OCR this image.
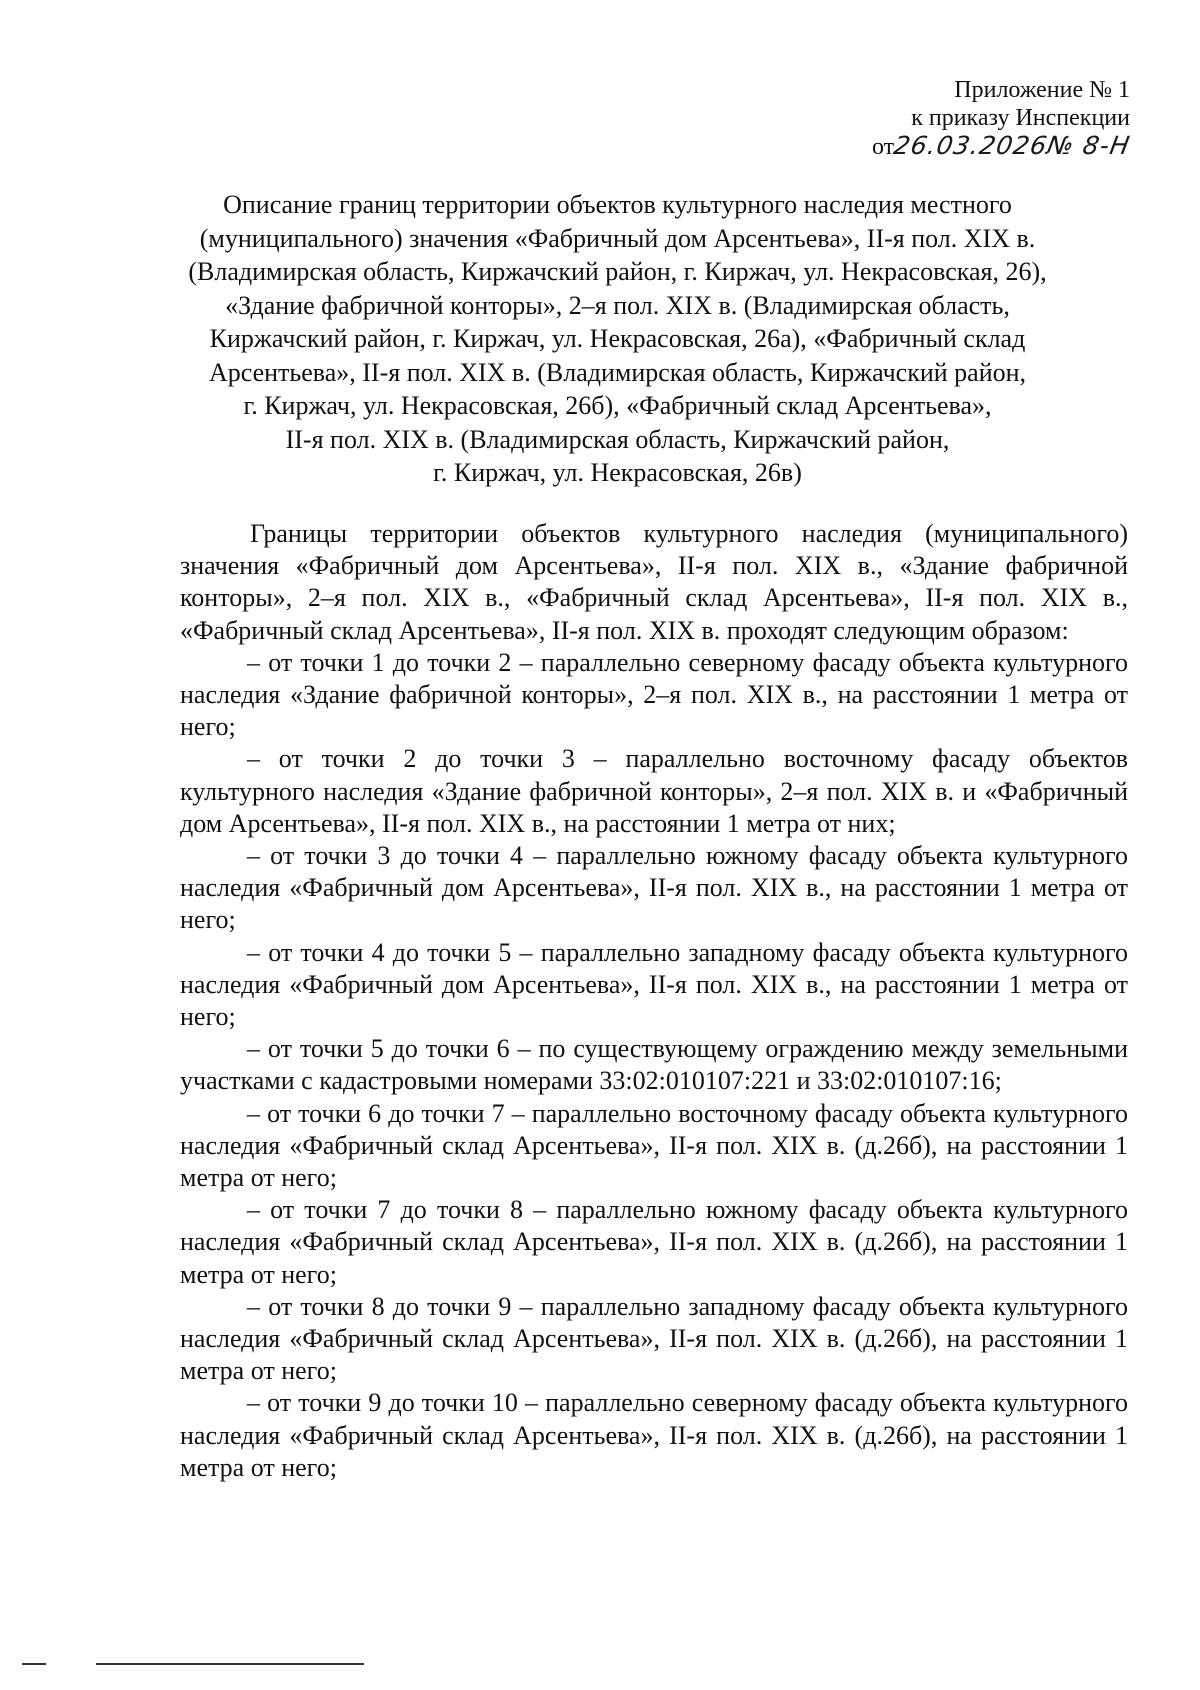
Приложение № 1
к приказу Инспекции
от
26.03.2026№ 8-Н
Описание границ территории объектов культурного наследия местного
(муниципального) значения «Фабричный дом Арсентьева», II-я пол. XIX в.
(Владимирская область, Киржачский район, г. Киржач, ул. Некрасовская, 26),
«Здание фабричной конторы», 2–я пол. XIX в. (Владимирская область,
Киржачский район, г. Киржач, ул. Некрасовская, 26а), «Фабричный склад
Арсентьева», II-я пол. XIX в. (Владимирская область, Киржачский район,
г. Киржач, ул. Некрасовская, 26б), «Фабричный склад Арсентьева»,
II-я пол. XIX в. (Владимирская область, Киржачский район,
г. Киржач, ул. Некрасовская, 26в)

Границы территории объектов культурного наследия (муниципального) значения «Фабричный дом Арсентьева», II-я пол. XIX в., «Здание фабричной конторы», 2–я пол. XIX в., «Фабричный склад Арсентьева», II-я пол. XIX в., «Фабричный склад Арсентьева», II-я пол. XIX в. проходят следующим образом:

– от точки 1 до точки 2 – параллельно северному фасаду объекта культурного наследия «Здание фабричной конторы», 2–я пол. XIX в., на расстоянии 1 метра от него;

– от точки 2 до точки 3 – параллельно восточному фасаду объектов культурного наследия «Здание фабричной конторы», 2–я пол. XIX в. и «Фабричный дом Арсентьева», II-я пол. XIX в., на расстоянии 1 метра от них;

– от точки 3 до точки 4 – параллельно южному фасаду объекта культурного наследия «Фабричный дом Арсентьева», II-я пол. XIX в., на расстоянии 1 метра от него;

– от точки 4 до точки 5 – параллельно западному фасаду объекта культурного наследия «Фабричный дом Арсентьева», II-я пол. XIX в., на расстоянии 1 метра от него;

– от точки 5 до точки 6 – по существующему ограждению между земельными участками с кадастровыми номерами 33:02:010107:221 и 33:02:010107:16;

– от точки 6 до точки 7 – параллельно восточному фасаду объекта культурного наследия «Фабричный склад Арсентьева», II-я пол. XIX в. (д.26б), на расстоянии 1 метра от него;

– от точки 7 до точки 8 – параллельно южному фасаду объекта культурного наследия «Фабричный склад Арсентьева», II-я пол. XIX в. (д.26б), на расстоянии 1 метра от него;

– от точки 8 до точки 9 – параллельно западному фасаду объекта культурного наследия «Фабричный склад Арсентьева», II-я пол. XIX в. (д.26б), на расстоянии 1 метра от него;

– от точки 9 до точки 10 – параллельно северному фасаду объекта культурного наследия «Фабричный склад Арсентьева», II-я пол. XIX в. (д.26б), на расстоянии 1 метра от него;
